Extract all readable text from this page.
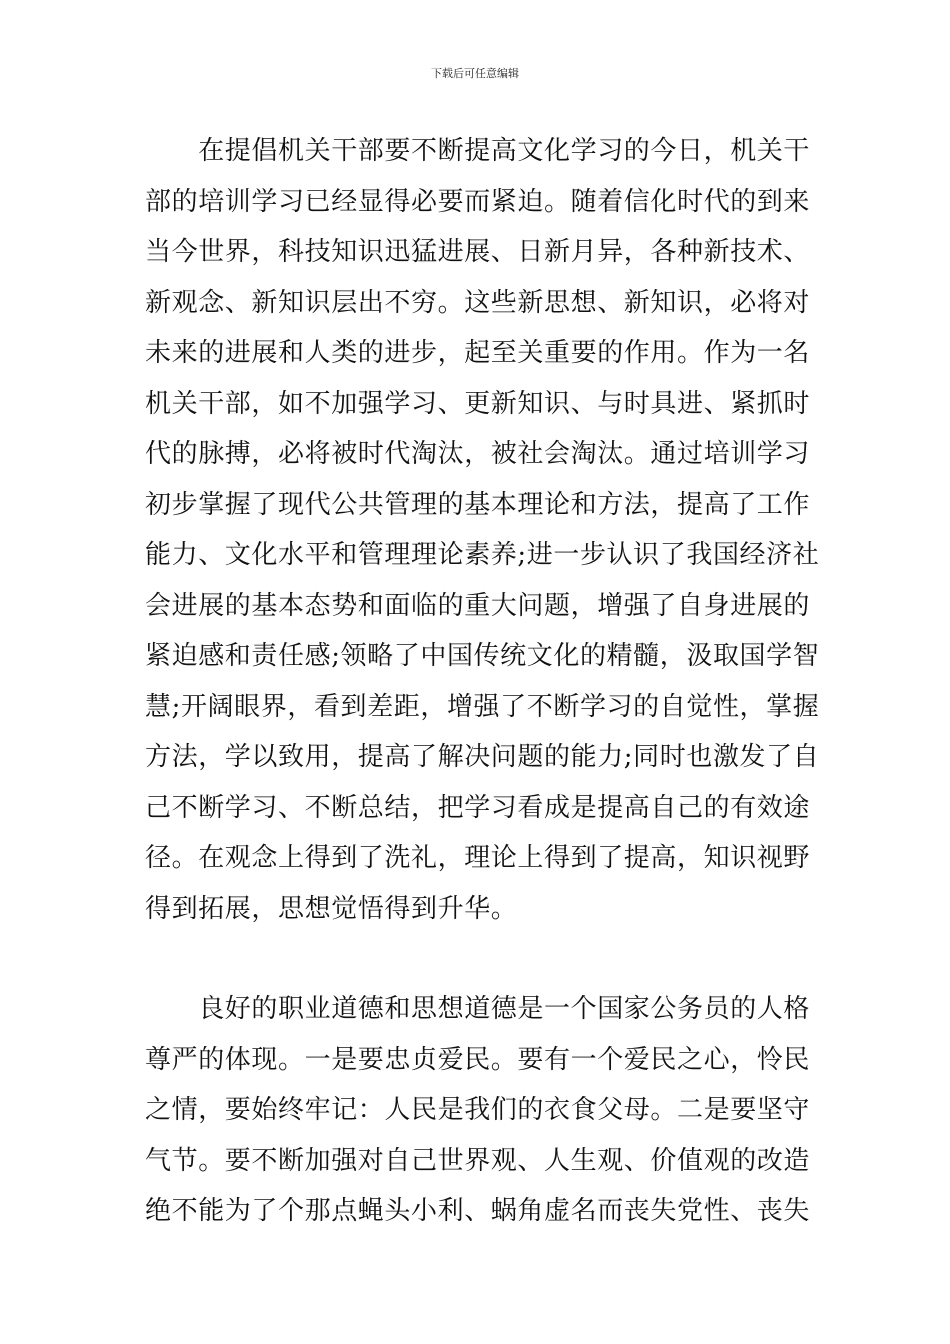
下载后可任意编辑
　　在提倡机关干部要不断提高文化学习的今日，机关干
部的培训学习已经显得必要而紧迫。随着信化时代的到来
当今世界，科技知识迅猛进展、日新月异，各种新技术、
新观念、新知识层出不穷。这些新思想、新知识，必将对
未来的进展和人类的进步，起至关重要的作用。作为一名
机关干部，如不加强学习、更新知识、与时具进、紧抓时
代的脉搏，必将被时代淘汰，被社会淘汰。通过培训学习
初步掌握了现代公共管理的基本理论和方法，提高了工作
能力、文化水平和管理理论素养;进一步认识了我国经济社
会进展的基本态势和面临的重大问题，增强了自身进展的
紧迫感和责任感;领略了中国传统文化的精髓，汲取国学智
慧;开阔眼界，看到差距，增强了不断学习的自觉性，掌握
方法，学以致用，提高了解决问题的能力;同时也激发了自
己不断学习、不断总结，把学习看成是提高自己的有效途
径。在观念上得到了洗礼，理论上得到了提高，知识视野
得到拓展，思想觉悟得到升华。
　　良好的职业道德和思想道德是一个国家公务员的人格
尊严的体现。一是要忠贞爱民。要有一个爱民之心，怜民
之情，要始终牢记：人民是我们的衣食父母。二是要坚守
气节。要不断加强对自己世界观、人生观、价值观的改造
绝不能为了个那点蝇头小利、蜗角虚名而丧失党性、丧失
